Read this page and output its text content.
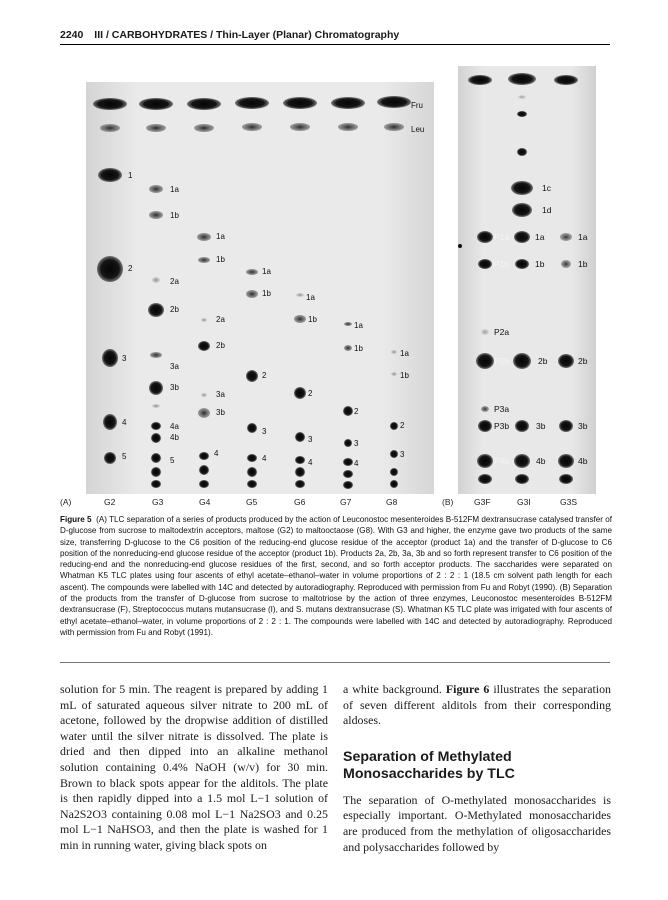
2240 III / CARBOHYDRATES / Thin-Layer (Planar) Chromatography
Fru
Leu
1
2
3
4
5
1a
1b
2a
2b
3a
3b
4a
4b
5
1a
1b
2a
2b
3a
3b
4
1a
1b
2
3
4
1a
1b
2
3
4
1a
1b
2
3
4
1a
1b
2
3
(A)	G2	G3	G4	G5	G6	G7	G8
1c
1d
P1a	1a	1a
P1b	1b	1b
P2a
P2b	2b	2b
P3a
P3b	3b	3b
P4b	4b	4b
(B) G3F	G3I	G3S
Figure 5 (A) TLC separation of a series of products produced by the action of Leuconostoc mesenteroides B-512FM dextransucrase catalysed transfer of D-glucose from sucrose to maltodextrin acceptors, maltose (G2) to maltooctaose (G8). With G3 and higher, the enzyme gave two products of the same size, transferring D-glucose to the C6 position of the reducing-end glucose residue of the acceptor (product 1a) and the transfer of D-glucose to C6 position of the nonreducing-end glucose residue of the acceptor (product 1b). Products 2a, 2b, 3a, 3b and so forth represent transfer to C6 position of the reducing-end and the nonreducing-end glucose residues of the first, second, and so forth acceptor products. The saccharides were separated on Whatman K5 TLC plates using four ascents of ethyl acetate–ethanol–water in volume proportions of 2 : 2 : 1 (18.5 cm solvent path length for each ascent). The compounds were labelled with 14C and detected by autoradiography. Reproduced with permission from Fu and Robyt (1990). (B) Separation of the products from the transfer of D-glucose from sucrose to maltotriose by the action of three enzymes, Leuconostoc mesenteroides B-512FM dextransucrase (F), Streptococcus mutans mutansucrase (I), and S. mutans dextransucrase (S). Whatman K5 TLC plate was irrigated with four ascents of ethyl acetate–ethanol–water, in volume proportions of 2 : 2 : 1. The compounds were labelled with 14C and detected by autoradiography. Reproduced with permission from Fu and Robyt (1991).

solution for 5 min. The reagent is prepared by adding 1 mL of saturated aqueous silver nitrate to 200 mL of acetone, followed by the dropwise addition of distilled water until the silver nitrate is dissolved. The plate is dried and then dipped into an alkaline methanol solution containing 0.4% NaOH (w/v) for 30 min. Brown to black spots appear for the alditols. The plate is then rapidly dipped into a 1.5 mol L−1 solution of Na2S2O3 containing 0.08 mol L−1 Na2SO3 and 0.25 mol L−1 NaHSO3, and then the plate is washed for 1 min in running water, giving black spots on

a white background. Figure 6 illustrates the separation of seven different alditols from their corresponding aldoses.

Separation of Methylated Monosaccharides by TLC

The separation of O-methylated monosaccharides is especially important. O-Methylated monosaccharides are produced from the methylation of oligosaccharides and polysaccharides followed by
